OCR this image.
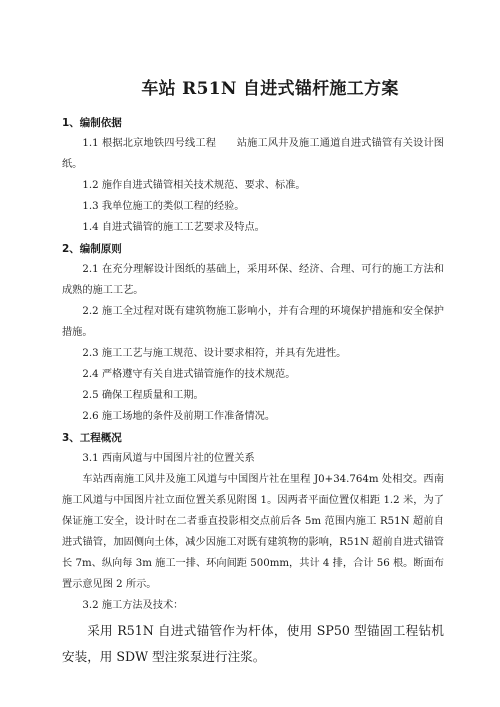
车站 R51N 自进式锚杆施工方案
1、编制依据

1.1 根据北京地铁四号线工程　　站施工风井及施工通道自进式锚管有关设计图纸。

1.2 施作自进式锚管相关技术规范、要求、标准。

1.3 我单位施工的类似工程的经验。

1.4 自进式锚管的施工工艺要求及特点。

2、编制原则

2.1 在充分理解设计图纸的基础上，采用环保、经济、合理、可行的施工方法和成熟的施工工艺。

2.2 施工全过程对既有建筑物施工影响小，并有合理的环境保护措施和安全保护措施。

2.3 施工工艺与施工规范、设计要求相符，并具有先进性。

2.4 严格遵守有关自进式锚管施作的技术规范。

2.5 确保工程质量和工期。

2.6 施工场地的条件及前期工作准备情况。

3、工程概况

3.1 西南风道与中国图片社的位置关系

车站西南施工风井及施工风道与中国图片社在里程 J0+34.764m 处相交。西南施工风道与中国图片社立面位置关系见附图 1。因两者平面位置仅相距 1.2 米，为了保证施工安全，设计时在二者垂直投影相交点前后各 5m 范围内施工 R51N 超前自进式锚管，加固侧向土体，减少因施工对既有建筑物的影响，R51N 超前自进式锚管长 7m、纵向每 3m 施工一排、环向间距 500mm，共计 4 排，合计 56 根。断面布置示意见图 2 所示。

3.2 施工方法及技术：

采用 R51N 自进式锚管作为杆体，使用 SP50 型锚固工程钻机安装，用 SDW 型注浆泵进行注浆。
